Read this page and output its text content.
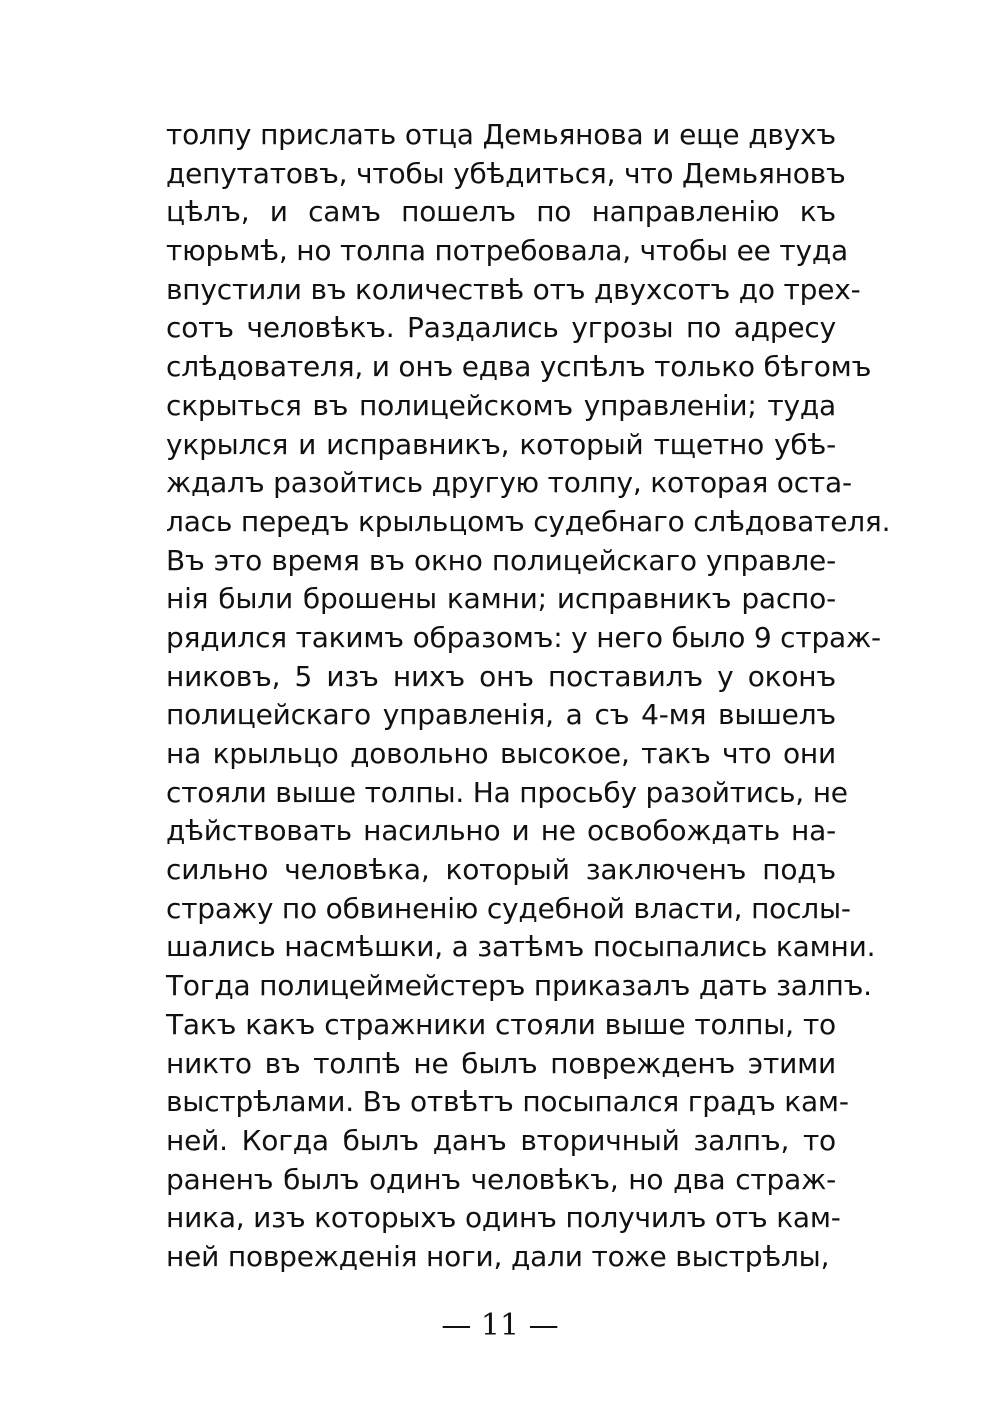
толпу прислать отца Демьянова и еще двухъ
депутатовъ, чтобы убѣдиться, что Демьяновъ
цѣлъ, и самъ пошелъ по направленію къ
тюрьмѣ, но толпа потребовала, чтобы ее туда
впустили въ количествѣ отъ двухсотъ до трех-
сотъ человѣкъ. Раздались угрозы по адресу
слѣдователя, и онъ едва успѣлъ только бѣгомъ
скрыться въ полицейскомъ управленіи; туда
укрылся и исправникъ, который тщетно убѣ-
ждалъ разойтись другую толпу, которая оста-
лась передъ крыльцомъ судебнаго слѣдователя.
Въ это время въ окно полицейскаго управле-
нія были брошены камни; исправникъ распо-
рядился такимъ образомъ: у него было 9 страж-
никовъ, 5 изъ нихъ онъ поставилъ у оконъ
полицейскаго управленія, а съ 4-мя вышелъ
на крыльцо довольно высокое, такъ что они
стояли выше толпы. На просьбу разойтись, не
дѣйствовать насильно и не освобождать на-
сильно человѣка, который заключенъ подъ
стражу по обвиненію судебной власти, послы-
шались насмѣшки, а затѣмъ посыпались камни.
Тогда полицеймейстеръ приказалъ дать залпъ.
Такъ какъ стражники стояли выше толпы, то
никто въ толпѣ не былъ поврежденъ этими
выстрѣлами. Въ отвѣтъ посыпался градъ кам-
ней. Когда былъ данъ вторичный залпъ, то
раненъ былъ одинъ человѣкъ, но два страж-
ника, изъ которыхъ одинъ получилъ отъ кам-
ней поврежденія ноги, дали тоже выстрѣлы,
— 11 —
